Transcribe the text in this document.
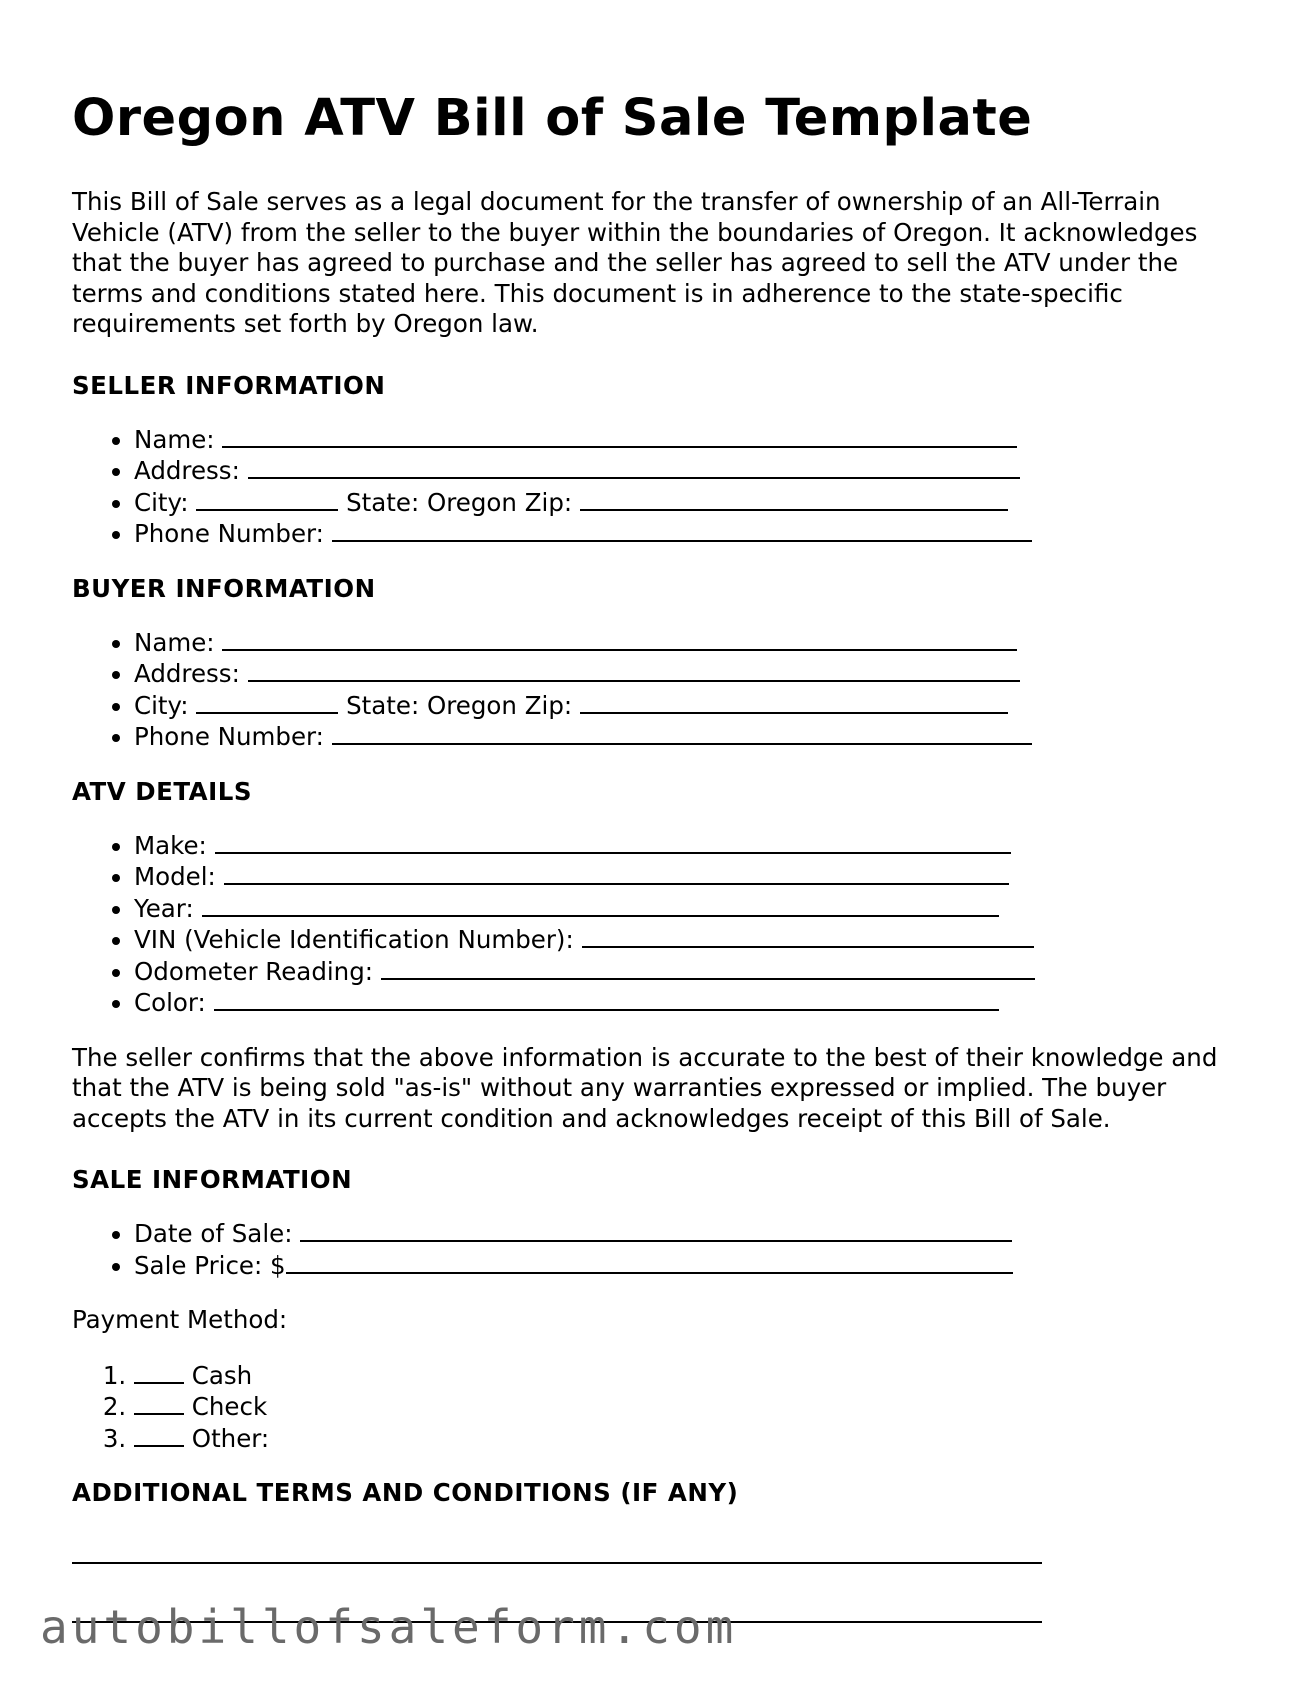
Oregon ATV Bill of Sale Template

This Bill of Sale serves as a legal document for the transfer of ownership of an All-Terrain Vehicle (ATV) from the seller to the buyer within the boundaries of Oregon. It acknowledges that the buyer has agreed to purchase and the seller has agreed to sell the ATV under the terms and conditions stated here. This document is in adherence to the state-specific requirements set forth by Oregon law.

SELLER INFORMATION
• Name:
• Address:
• City:	State: Oregon Zip:
• Phone Number:
BUYER INFORMATION
• Name:
• Address:
• City:	State: Oregon Zip:
• Phone Number:
ATV DETAILS
• Make:
• Model:
• Year:
• VIN (Vehicle Identification Number):
• Odometer Reading:
• Color:

The seller confirms that the above information is accurate to the best of their knowledge and that the ATV is being sold "as-is" without any warranties expressed or implied. The buyer accepts the ATV in its current condition and acknowledges receipt of this Bill of Sale.

SALE INFORMATION
• Date of Sale:
• Sale Price: $

Payment Method:

1. Cash
2. Check
3. Other:
ADDITIONAL TERMS AND CONDITIONS (IF ANY)
autobillofsaleform.com
